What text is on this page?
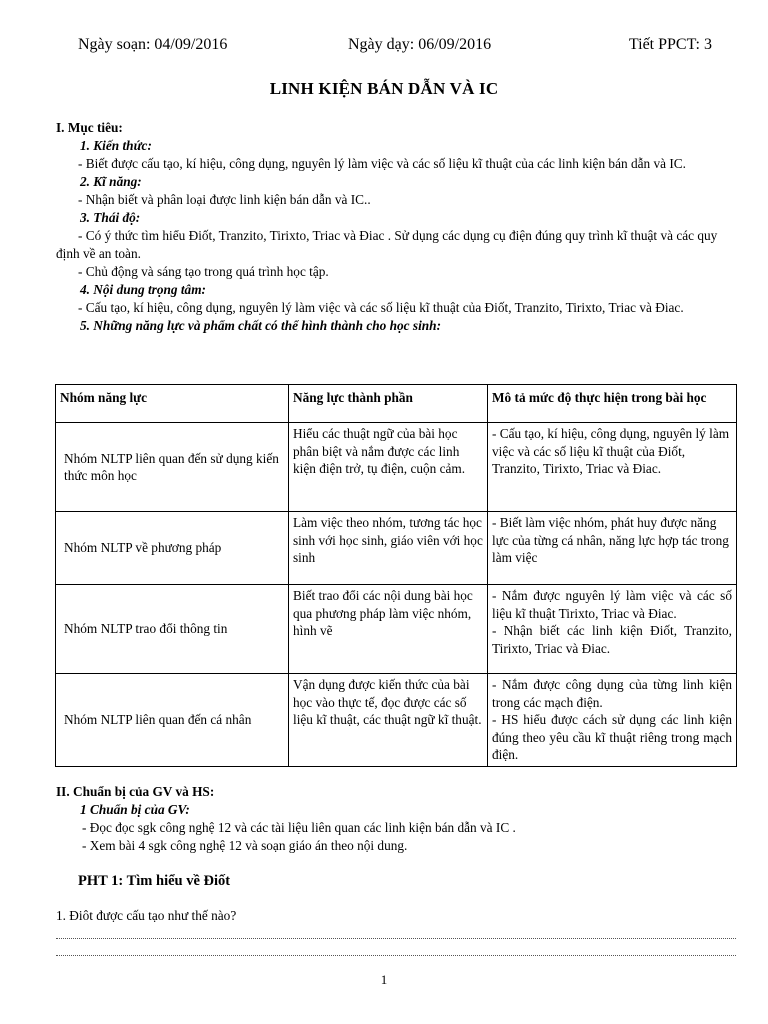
Ngày soạn: 04/09/2016	Ngày dạy: 06/09/2016	Tiết PPCT: 3
LINH KIỆN BÁN DẪN VÀ IC

I. Mục tiêu:

1. Kiến thức:

- Biết được cấu tạo, kí hiệu, công dụng, nguyên lý làm việc và các số liệu kĩ thuật của các linh kiện bán dẫn và IC.

2. Kĩ năng:

- Nhận biết và phân loại được linh kiện bán dẫn và IC..

3. Thái độ:

- Có ý thức tìm hiểu Điốt, Tranzito, Tirixto, Triac và Điac . Sử dụng các dụng cụ điện đúng quy trình kĩ thuật và các quy định về an toàn.

- Chủ động và sáng tạo trong quá trình học tập.

4. Nội dung trọng tâm:

- Cấu tạo, kí hiệu, công dụng, nguyên lý làm việc và các số liệu kĩ thuật của Điốt, Tranzito, Tirixto, Triac và Điac.

5. Những năng lực và phẩm chất có thể hình thành cho học sinh:

Nhóm năng lực	Năng lực thành phần	Mô tả mức độ thực hiện trong bài học
Nhóm NLTP liên quan đến sử dụng kiến thức môn học	Hiểu các thuật ngữ của bài học phân biệt và nắm được các linh kiện điện trở, tụ điện, cuộn cảm.	- Cấu tạo, kí hiệu, công dụng, nguyên lý làm việc và các số liệu kĩ thuật của Điốt, Tranzito, Tirixto, Triac và Điac.
Nhóm NLTP về phương pháp	Làm việc theo nhóm, tương tác học sinh với học sinh, giáo viên với học sinh	- Biết làm việc nhóm, phát huy được năng lực của từng cá nhân, năng lực hợp tác trong làm việc
Nhóm NLTP trao đổi thông tin	Biết trao đổi các nội dung bài học qua phương pháp làm việc nhóm, hình vẽ	- Nắm được nguyên lý làm việc và các số liệu kĩ thuật Tirixto, Triac và Điac.
- Nhận biết các linh kiện Điốt, Tranzito, Tirixto, Triac và Điac.

Nhóm NLTP liên quan đến cá nhân	Vận dụng được kiến thức của bài học vào thực tế, đọc được các số liệu kĩ thuật, các thuật ngữ kĩ thuật.	- Nắm được công dụng của từng linh kiện trong các mạch điện.
- HS hiểu được cách sử dụng các linh kiện đúng theo yêu cầu kĩ thuật riêng trong mạch điện.

II. Chuẩn bị của GV và HS:

1 Chuẩn bị của GV:

- Đọc đọc sgk công nghệ 12 và các tài liệu liên quan các linh kiện bán dẫn và IC .

- Xem bài 4 sgk công nghệ 12 và soạn giáo án theo nội dung.

PHT 1: Tìm hiểu về Điốt
1. Điôt được cấu tạo như thế nào?
1
